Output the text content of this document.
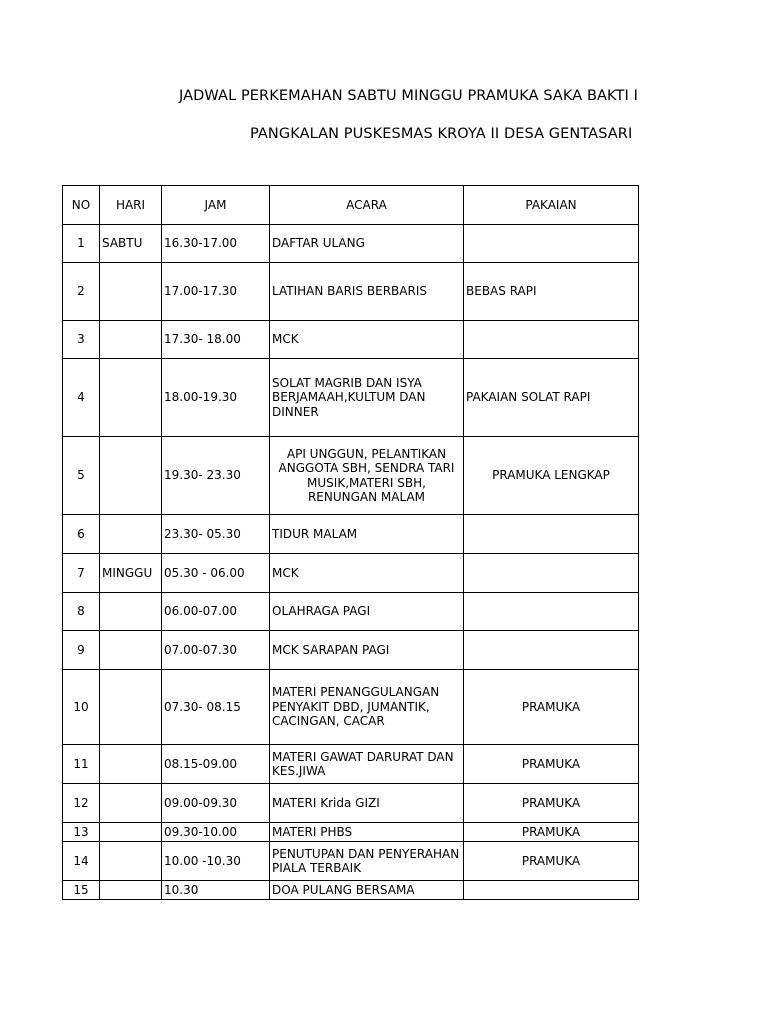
JADWAL PERKEMAHAN SABTU MINGGU PRAMUKA SAKA BAKTI I
PANGKALAN PUSKESMAS KROYA II DESA GENTASARI
NO	HARI	JAM	ACARA	PAKAIAN
1	SABTU	16.30-17.00	DAFTAR ULANG	
2		17.00-17.30	LATIHAN BARIS BERBARIS	BEBAS RAPI
3		17.30- 18.00	MCK	
4		18.00-19.30	SOLAT MAGRIB DAN ISYA BERJAMAAH,KULTUM DAN DINNER	PAKAIAN SOLAT RAPI
5		19.30- 23.30	API UNGGUN, PELANTIKAN ANGGOTA SBH, SENDRA TARI MUSIK,MATERI SBH, RENUNGAN MALAM	PRAMUKA LENGKAP
6		23.30- 05.30	TIDUR MALAM	
7	MINGGU	05.30 - 06.00	MCK	
8		06.00-07.00	OLAHRAGA PAGI	
9		07.00-07.30	MCK SARAPAN PAGI	
10		07.30- 08.15	MATERI PENANGGULANGAN PENYAKIT DBD, JUMANTIK, CACINGAN, CACAR	PRAMUKA
11		08.15-09.00	MATERI GAWAT DARURAT DAN KES.JIWA	PRAMUKA
12		09.00-09.30	MATERI Krida GIZI	PRAMUKA
13		09.30-10.00	MATERI PHBS	PRAMUKA
14		10.00 -10.30	PENUTUPAN DAN PENYERAHAN PIALA TERBAIK	PRAMUKA
15		10.30	DOA PULANG BERSAMA	
